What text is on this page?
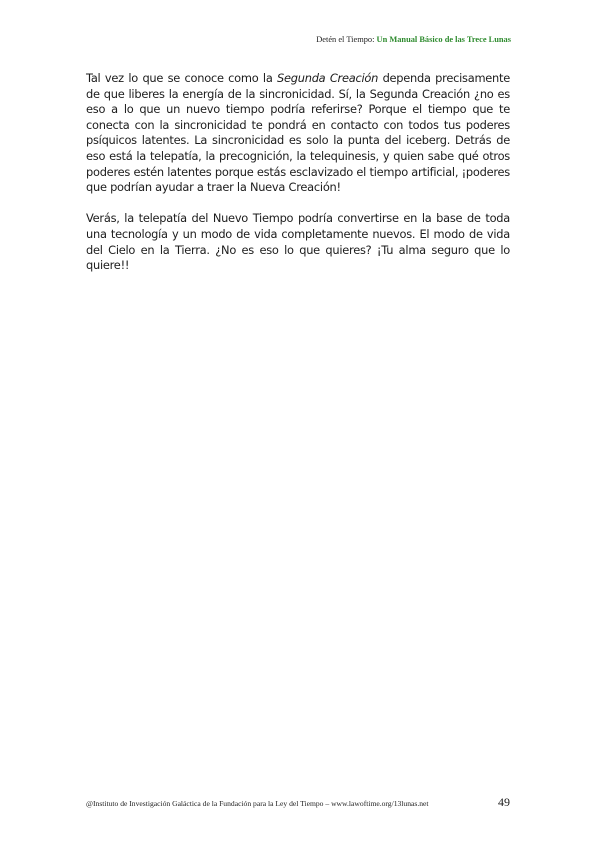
Detén el Tiempo: Un Manual Básico de las Trece Lunas

Tal vez lo que se conoce como la Segunda Creación dependa precisamente de que liberes la energía de la sincronicidad. Sí, la Segunda Creación ¿no es eso a lo que un nuevo tiempo podría referirse? Porque el tiempo que te conecta con la sincronicidad te pondrá en contacto con todos tus poderes psíquicos latentes. La sincronicidad es solo la punta del iceberg. Detrás de eso está la telepatía, la precognición, la telequinesis, y quien sabe qué otros poderes estén latentes porque estás esclavizado el tiempo artificial, ¡poderes que podrían ayudar a traer la Nueva Creación!

Verás, la telepatía del Nuevo Tiempo podría convertirse en la base de toda una tecnología y un modo de vida completamente nuevos. El modo de vida del Cielo en la Tierra. ¿No es eso lo que quieres? ¡Tu alma seguro que lo quiere!!

@Instituto de Investigación Galáctica de la Fundación para la Ley del Tiempo – www.lawoftime.org/13lunas.net	49
